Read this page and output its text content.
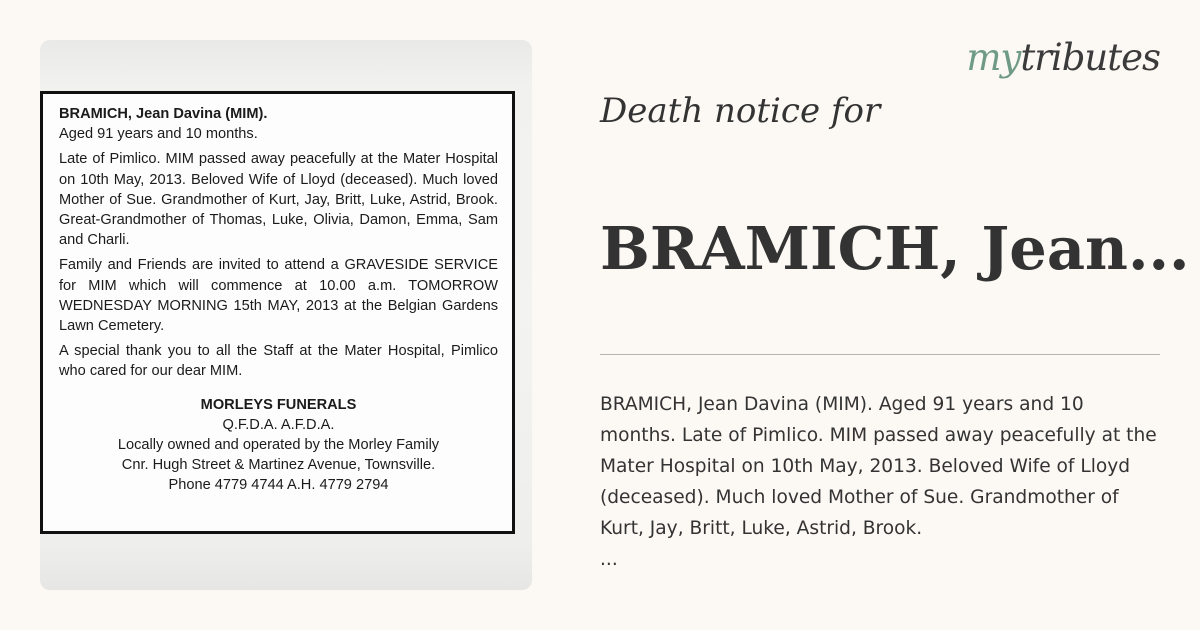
BRAMICH, Jean Davina (MIM).

Aged 91 years and 10 months.

Late of Pimlico. MIM passed away peacefully at the Mater Hospital on 10th May, 2013. Beloved Wife of Lloyd (deceased). Much loved Mother of Sue. Grandmother of Kurt, Jay, Britt, Luke, Astrid, Brook. Great-Grandmother of Thomas, Luke, Olivia, Damon, Emma, Sam and Charli.

Family and Friends are invited to attend a GRAVESIDE SERVICE for MIM which will commence at 10.00 a.m. TOMORROW WEDNESDAY MORNING 15th MAY, 2013 at the Belgian Gardens Lawn Cemetery.

A special thank you to all the Staff at the Mater Hospital, Pimlico who cared for our dear MIM.

MORLEYS FUNERALS

Q.F.D.A. A.F.D.A.

Locally owned and operated by the Morley Family

Cnr. Hugh Street & Martinez Avenue, Townsville.

Phone 4779 4744 A.H. 4779 2794

mytributes
Death notice for
BRAMICH, Jean...

BRAMICH, Jean Davina (MIM). Aged 91 years and 10 months. Late of Pimlico. MIM passed away peacefully at the Mater Hospital on 10th May, 2013. Beloved Wife of Lloyd (deceased). Much loved Mother of Sue. Grandmother of Kurt, Jay, Britt, Luke, Astrid, Brook.

...
